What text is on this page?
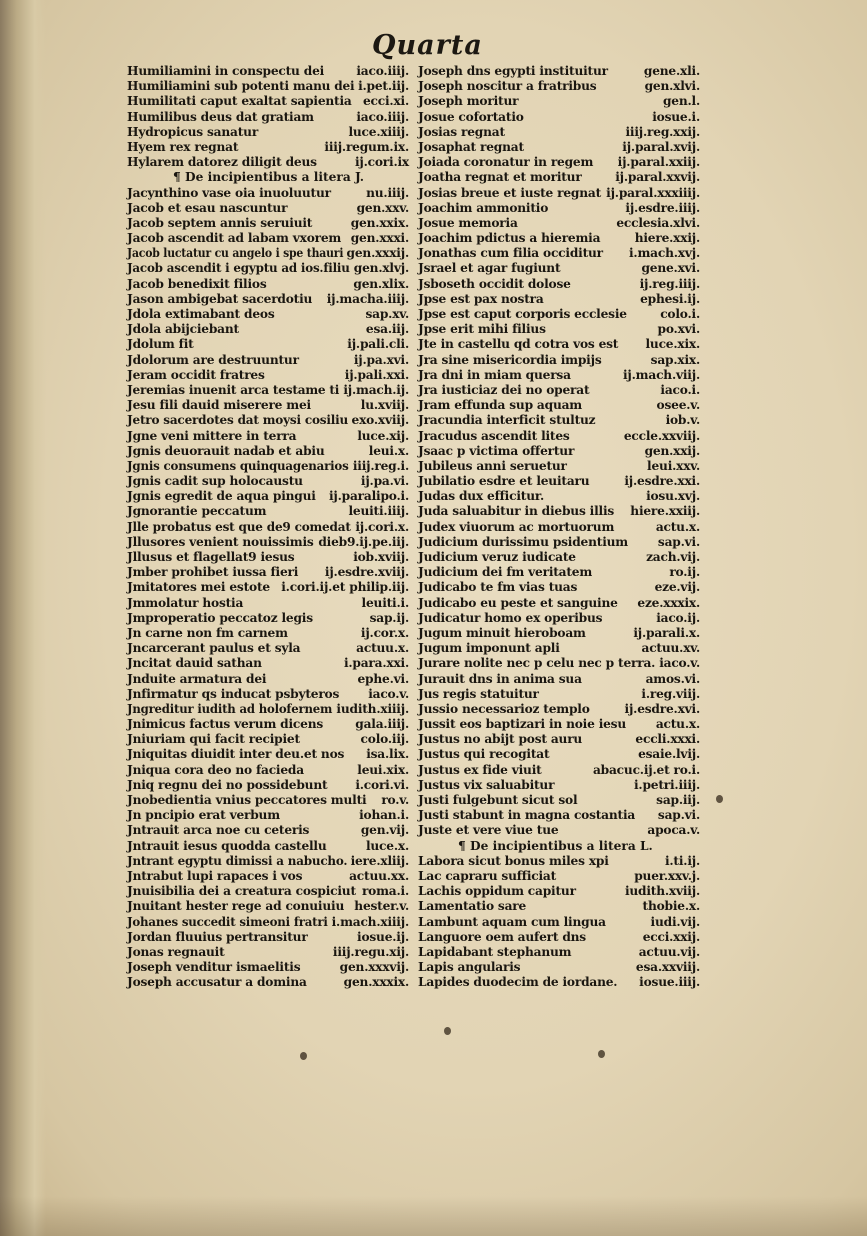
Quarta
Humiliamini in conspectu dei	iaco.iiij.
Humiliamini sub potenti manu dei i.pet.iij.
Humilitati caput exaltat sapientia ecci.xi.
Humilibus deus dat gratiam	iaco.iiij.
Hydropicus sanatur	luce.xiiij.
Hyem rex regnat	iiij.regum.ix.
Hylarem datorez diligit deus	ij.cori.ix
¶ De incipientibus a litera J.
Jacynthino vase oia inuoluutur	nu.iiij.
Jacob et esau nascuntur	gen.xxv.
Jacob septem annis seruiuit	gen.xxix.
Jacob ascendit ad labam vxorem gen.xxxi.
Jacob luctatur cu angelo i spe thauri gen.xxxij.
Jacob ascendit i egyptu ad ios.filiu gen.xlvj.
Jacob benedixit filios	gen.xlix.
Jason ambigebat sacerdotiu ij.macha.iiij.
Jdola extimabant deos	sap.xv.
Jdola abijciebant	esa.iij.
Jdolum fit	ij.pali.cli.
Jdolorum are destruuntur	ij.pa.xvi.
Jeram occidit fratres	ij.pali.xxi.
Jeremias inuenit arca testame ti ij.mach.ij.
Jesu fili dauid miserere mei	lu.xviij.
Jetro sacerdotes dat moysi cosiliu exo.xviij.
Jgne veni mittere in terra	luce.xij.
Jgnis deuorauit nadab et abiu	leui.x.
Jgnis consumens quinquagenarios iiij.reg.i.
Jgnis cadit sup holocaustu	ij.pa.vi.
Jgnis egredit de aqua pingui ij.paralipo.i.
Jgnorantie peccatum	leuiti.iiij.
Jlle probatus est que de9 comedat ij.cori.x.
Jllusores venient nouissimis dieb9.ij.pe.iij.
Jllusus et flagellat9 iesus	iob.xviij.
Jmber prohibet iussa fieri ij.esdre.xviij.
Jmitatores mei estote i.cori.ij.et philip.iij.
Jmmolatur hostia	leuiti.i.
Jmproperatio peccatoz legis	sap.ij.
Jn carne non fm carnem	ij.cor.x.
Jncarcerant paulus et syla	actuu.x.
Jncitat dauid sathan	i.para.xxi.
Jnduite armatura dei	ephe.vi.
Jnfirmatur qs inducat psbyteros iaco.v.
Jngreditur iudith ad holofernem iudith.xiiij.
Jnimicus factus verum dicens	gala.iiij.
Jniuriam qui facit recipiet	colo.iij.
Jniquitas diuidit inter deu.et nos isa.lix.
Jniqua cora deo no facieda	leui.xix.
Jniq regnu dei no possidebunt i.cori.vi.
Jnobedientia vnius peccatores multi ro.v.
Jn pncipio erat verbum	iohan.i.
Jntrauit arca noe cu ceteris	gen.vij.
Jntrauit iesus quodda castellu	luce.x.
Jntrant egyptu dimissi a nabucho. iere.xliij.
Jntrabut lupi rapaces i vos	actuu.xx.
Jnuisibilia dei a creatura cospiciut roma.i.
Jnuitant hester rege ad conuiuiu hester.v.
Johanes succedit simeoni fratri i.mach.xiiij.
Jordan fluuius pertransitur	iosue.ij.
Jonas regnauit	iiij.regu.xij.
Joseph venditur ismaelitis	gen.xxxvij.
Joseph accusatur a domina	gen.xxxix.
Joseph dns egypti instituitur	gene.xli.
Joseph noscitur a fratribus	gen.xlvi.
Joseph moritur	gen.l.
Josue cofortatio	iosue.i.
Josias regnat	iiij.reg.xxij.
Josaphat regnat	ij.paral.xvij.
Joiada coronatur in regem ij.paral.xxiij.
Joatha regnat et moritur	ij.paral.xxvij.
Josias breue et iuste regnat ij.paral.xxxiiij.
Joachim ammonitio	ij.esdre.iiij.
Josue memoria	ecclesia.xlvi.
Joachim pdictus a hieremia	hiere.xxij.
Jonathas cum filia occiditur i.mach.xvj.
Jsrael et agar fugiunt	gene.xvi.
Jsboseth occidit dolose	ij.reg.iiij.
Jpse est pax nostra	ephesi.ij.
Jpse est caput corporis ecclesie	colo.i.
Jpse erit mihi filius	po.xvi.
Jte in castellu qd cotra vos est luce.xix.
Jra sine misericordia impijs	sap.xix.
Jra dni in miam quersa	ij.mach.viij.
Jra iusticiaz dei no operat	iaco.i.
Jram effunda sup aquam	osee.v.
Jracundia interficit stultuz	iob.v.
Jracudus ascendit lites	eccle.xxviij.
Jsaac p victima offertur	gen.xxij.
Jubileus anni seruetur	leui.xxv.
Jubilatio esdre et leuitaru	ij.esdre.xxi.
Judas dux efficitur.	iosu.xvj.
Juda saluabitur in diebus illis hiere.xxiij.
Judex viuorum ac mortuorum	actu.x.
Judicium durissimu psidentium sap.vi.
Judicium veruz iudicate	zach.vij.
Judicium dei fm veritatem	ro.ij.
Judicabo te fm vias tuas	eze.vij.
Judicabo eu peste et sanguine eze.xxxix.
Judicatur homo ex operibus	iaco.ij.
Jugum minuit hieroboam	ij.parali.x.
Jugum imponunt apli	actuu.xv.
Jurare nolite nec p celu nec p terra. iaco.v.
Jurauit dns in anima sua	amos.vi.
Jus regis statuitur	i.reg.viij.
Jussio necessarioz templo	ij.esdre.xvi.
Jussit eos baptizari in noie iesu actu.x.
Justus no abijt post auru	eccli.xxxi.
Justus qui recogitat	esaie.lvij.
Justus ex fide viuit	abacuc.ij.et ro.i.
Justus vix saluabitur	i.petri.iiij.
Justi fulgebunt sicut sol	sap.iij.
Justi stabunt in magna costantia sap.vi.
Juste et vere viue tue	apoca.v.
¶ De incipientibus a litera L.
Labora sicut bonus miles xpi	i.ti.ij.
Lac capraru sufficiat	puer.xxv.j.
Lachis oppidum capitur	iudith.xviij.
Lamentatio sare	thobie.x.
Lambunt aquam cum lingua	iudi.vij.
Languore oem aufert dns	ecci.xxij.
Lapidabant stephanum	actuu.vij.
Lapis angularis	esa.xxviij.
Lapides duodecim de iordane. iosue.iiij.
